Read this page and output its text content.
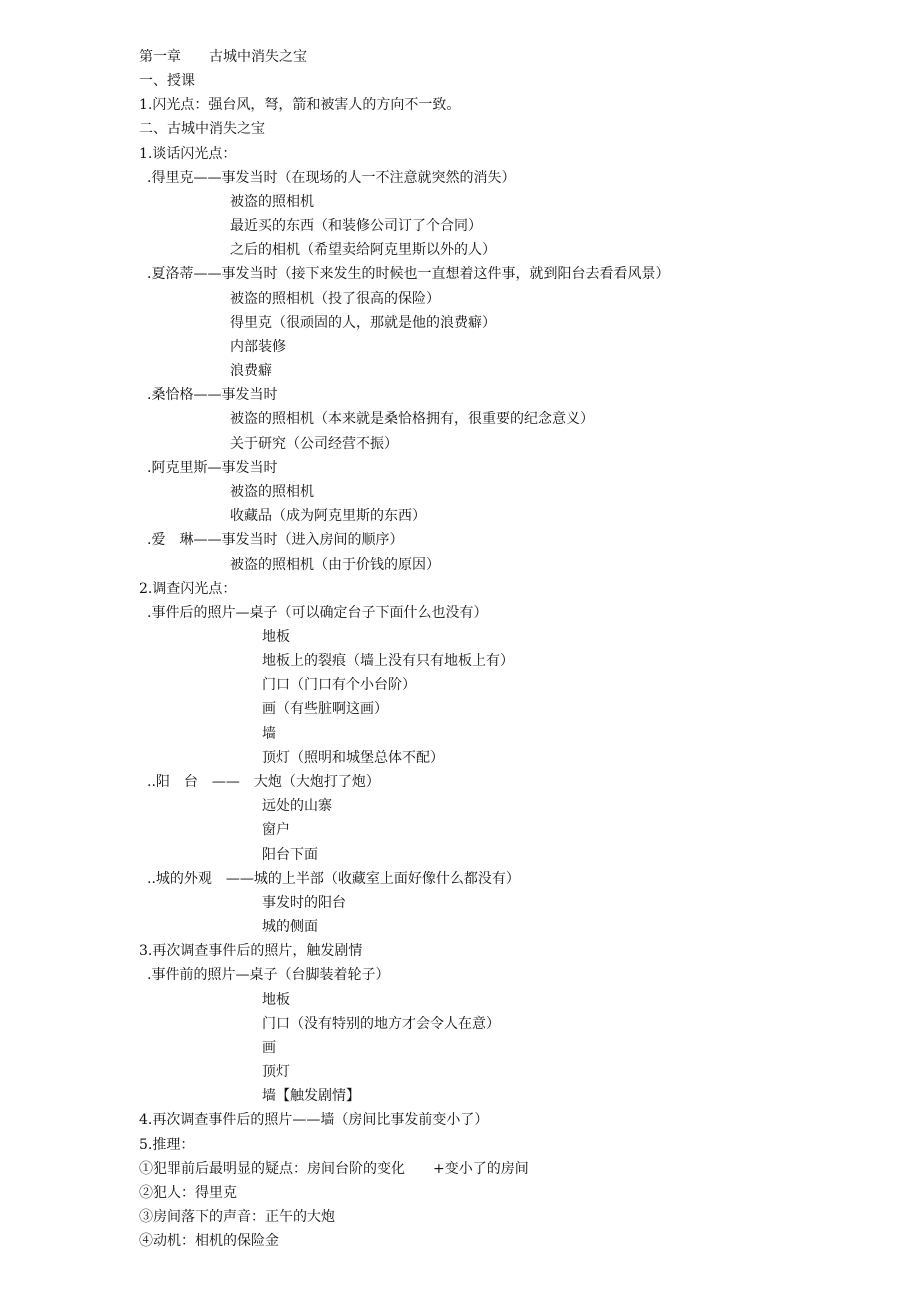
第一章　　古城中消失之宝
一、授课
1.闪光点：强台风，弩，箭和被害人的方向不一致。
二、古城中消失之宝
1.谈话闪光点：
.得里克——事发当时（在现场的人一不注意就突然的消失）
被盗的照相机
最近买的东西（和装修公司订了个合同）
之后的相机（希望卖给阿克里斯以外的人）
.夏洛蒂——事发当时（接下来发生的时候也一直想着这件事，就到阳台去看看风景）
被盗的照相机（投了很高的保险）
得里克（很顽固的人，那就是他的浪费癖）
内部装修
浪费癖
.桑恰格——事发当时
被盗的照相机（本来就是桑恰格拥有，很重要的纪念意义）
关于研究（公司经营不振）
.阿克里斯—事发当时
被盗的照相机
收藏品（成为阿克里斯的东西）
.爱　琳——事发当时（进入房间的顺序）
被盗的照相机（由于价钱的原因）
2.调查闪光点：
.事件后的照片—桌子（可以确定台子下面什么也没有）
地板
地板上的裂痕（墙上没有只有地板上有）
门口（门口有个小台阶）
画（有些脏啊这画）
墙
顶灯（照明和城堡总体不配）
..阳　台　——　大炮（大炮打了炮）
远处的山寨
窗户
阳台下面
..城的外观　——城的上半部（收藏室上面好像什么都没有）
事发时的阳台
城的侧面
3.再次调查事件后的照片，触发剧情
.事件前的照片—桌子（台脚装着轮子）
地板
门口（没有特别的地方才会令人在意）
画
顶灯
墙【触发剧情】
4.再次调查事件后的照片——墙（房间比事发前变小了）
5.推理：
①犯罪前后最明显的疑点：房间台阶的变化　　+变小了的房间
②犯人：得里克
③房间落下的声音：正午的大炮
④动机：相机的保险金
